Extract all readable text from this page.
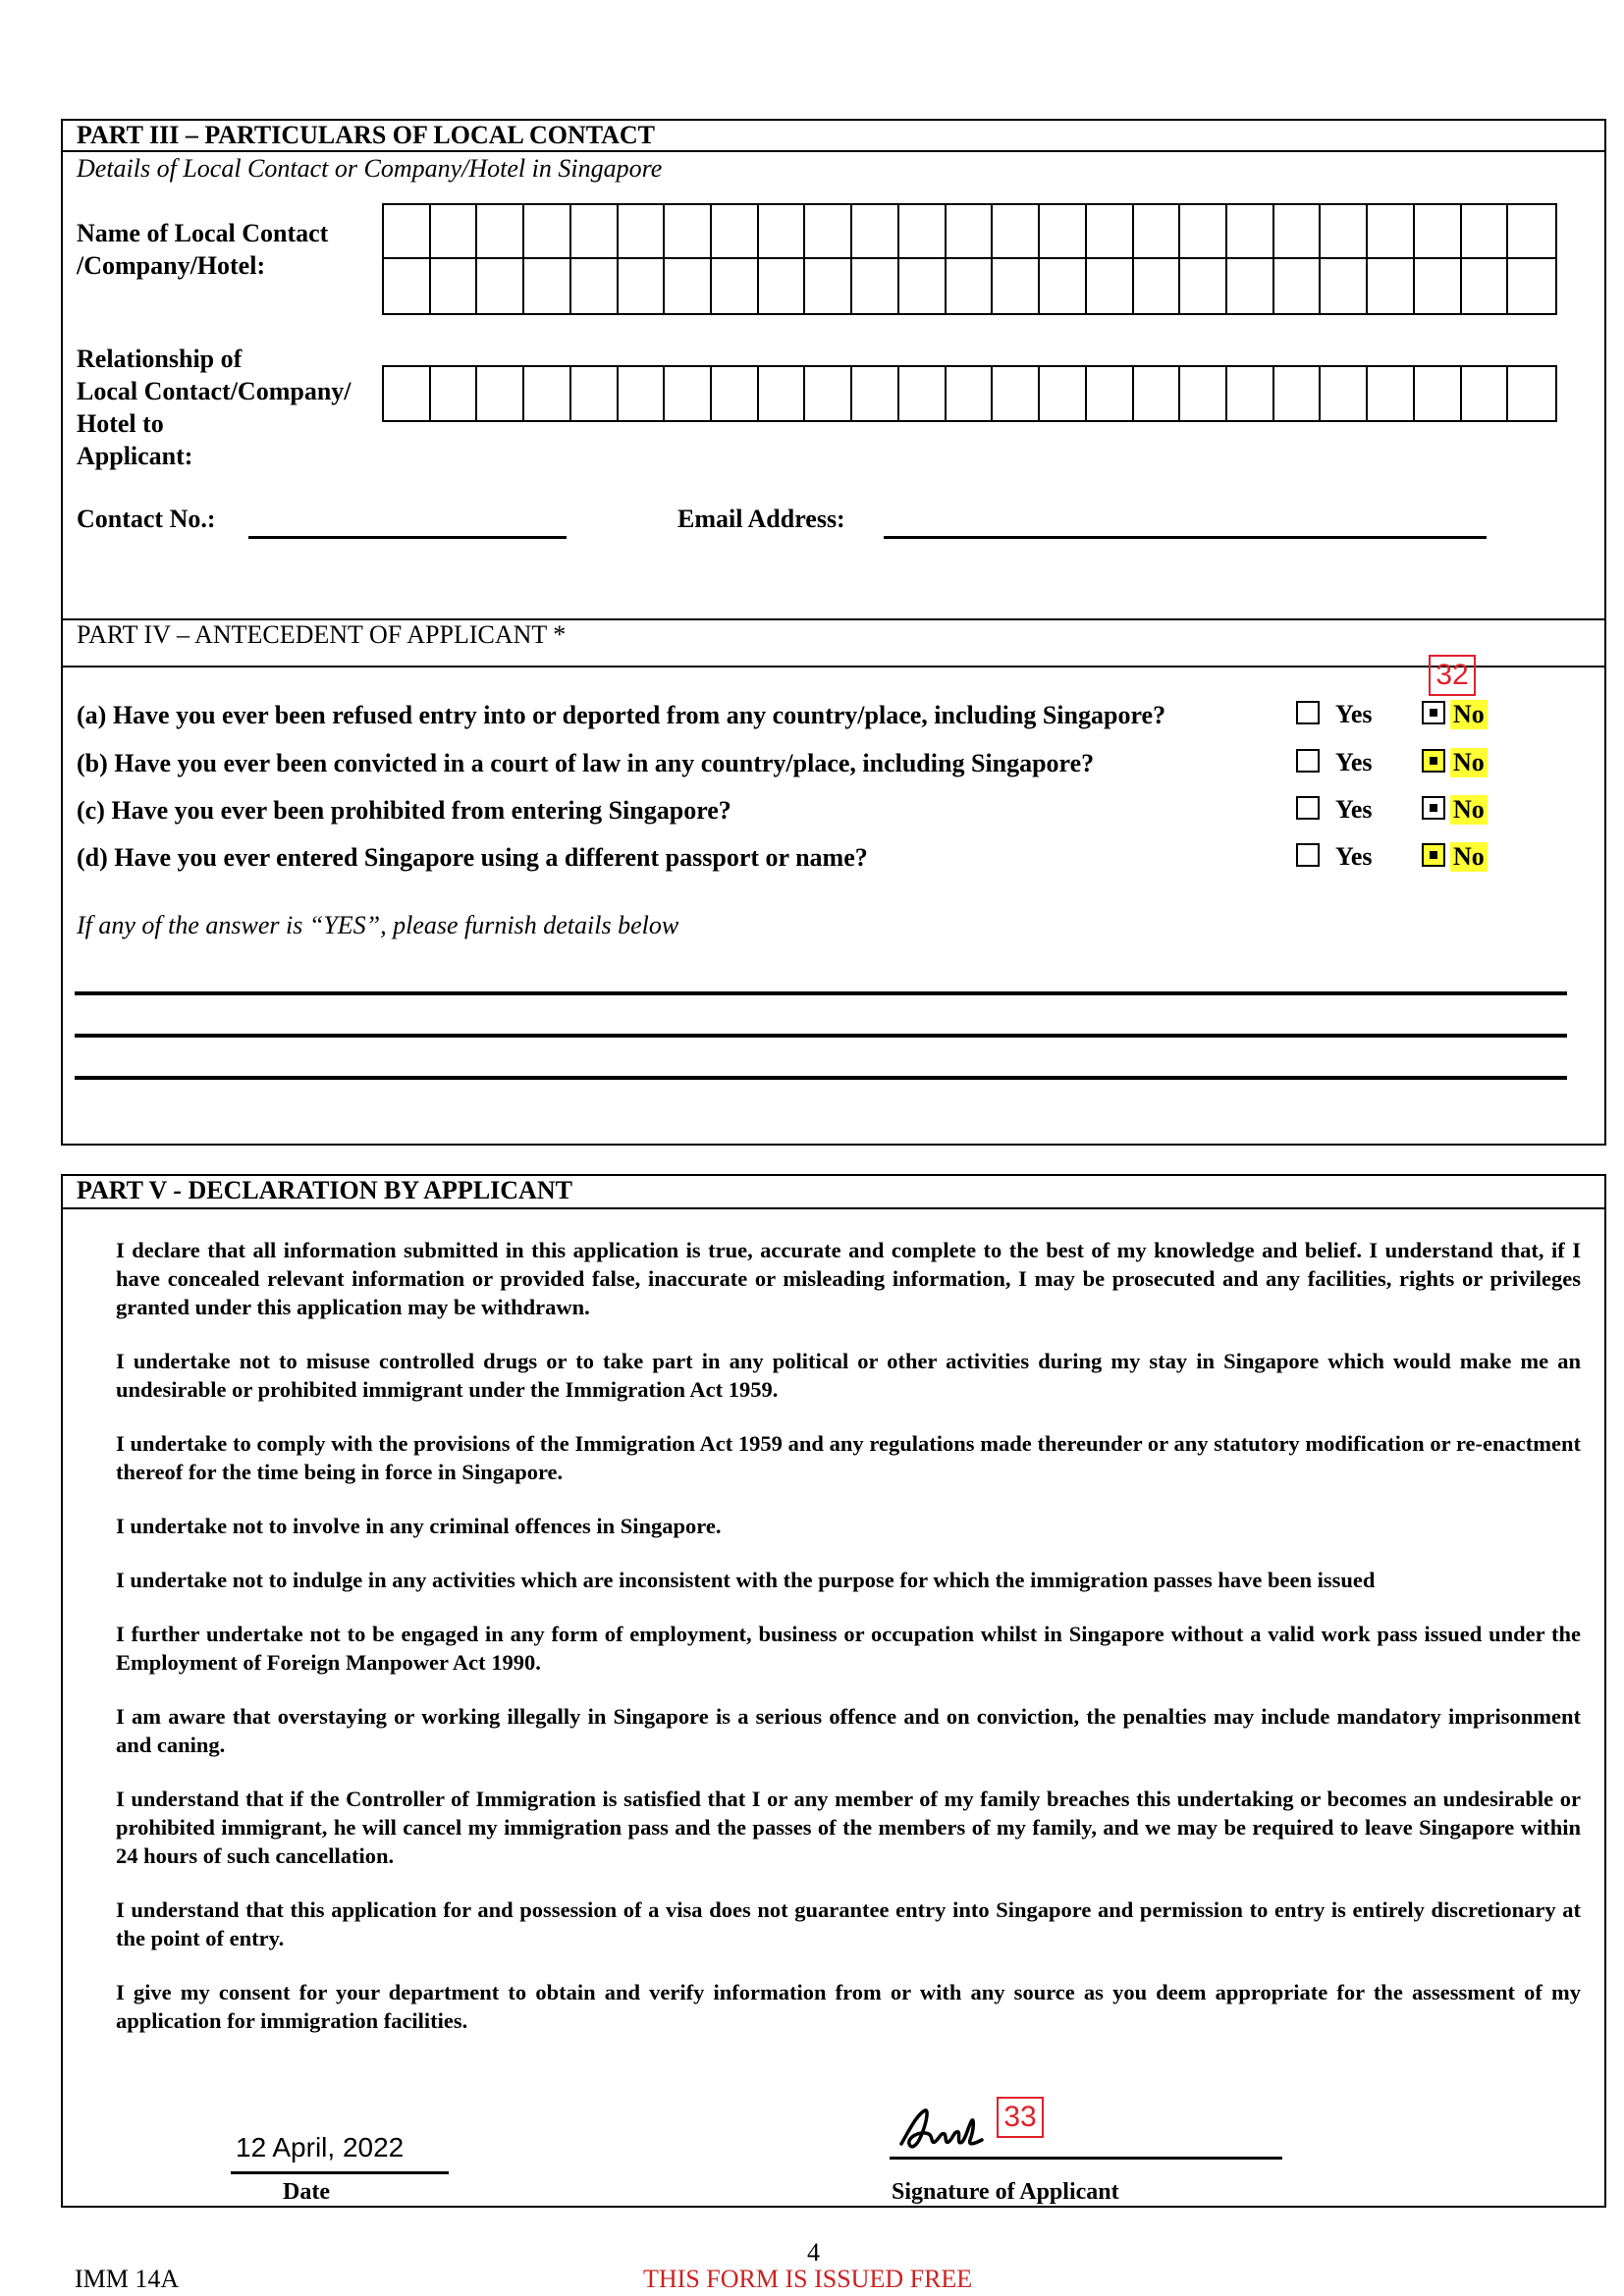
PART III – PARTICULARS OF LOCAL CONTACT
Details of Local Contact or Company/Hotel in Singapore
Name of Local Contact
/Company/Hotel:
Relationship of
Local Contact/Company/
Hotel to
Applicant:
Contact No.:	Email Address:
PART IV – ANTECEDENT OF APPLICANT *
32
(a) Have you ever been refused entry into or deported from any country/place, including Singapore?	Yes	No
(b) Have you ever been convicted in a court of law in any country/place, including Singapore?	Yes	No
(c) Have you ever been prohibited from entering Singapore?	Yes	No
(d) Have you ever entered Singapore using a different passport or name?	Yes	No
If any of the answer is “YES”, please furnish details below
PART V - DECLARATION BY APPLICANT

I declare that all information submitted in this application is true, accurate and complete to the best of my knowledge and belief. I understand that, if I have concealed relevant information or provided false, inaccurate or misleading information, I may be prosecuted and any facilities, rights or privileges granted under this application may be withdrawn.

I undertake not to misuse controlled drugs or to take part in any political or other activities during my stay in Singapore which would make me an undesirable or prohibited immigrant under the Immigration Act 1959.

I undertake to comply with the provisions of the Immigration Act 1959 and any regulations made thereunder or any statutory modification or re-enactment thereof for the time being in force in Singapore.

I undertake not to involve in any criminal offences in Singapore.

I undertake not to indulge in any activities which are inconsistent with the purpose for which the immigration passes have been issued

I further undertake not to be engaged in any form of employment, business or occupation whilst in Singapore without a valid work pass issued under the Employment of Foreign Manpower Act 1990.

I am aware that overstaying or working illegally in Singapore is a serious offence and on conviction, the penalties may include mandatory imprisonment and caning.

I understand that if the Controller of Immigration is satisfied that I or any member of my family breaches this undertaking or becomes an undesirable or prohibited immigrant, he will cancel my immigration pass and the passes of the members of my family, and we may be required to leave Singapore within 24 hours of such cancellation.

I understand that this application for and possession of a visa does not guarantee entry into Singapore and permission to entry is entirely discretionary at the point of entry.

I give my consent for your department to obtain and verify information from or with any source as you deem appropriate for the assessment of my application for immigration facilities.

12 April, 2022
Date
33
Signature of Applicant
4
IMM 14A	THIS FORM IS ISSUED FREE
